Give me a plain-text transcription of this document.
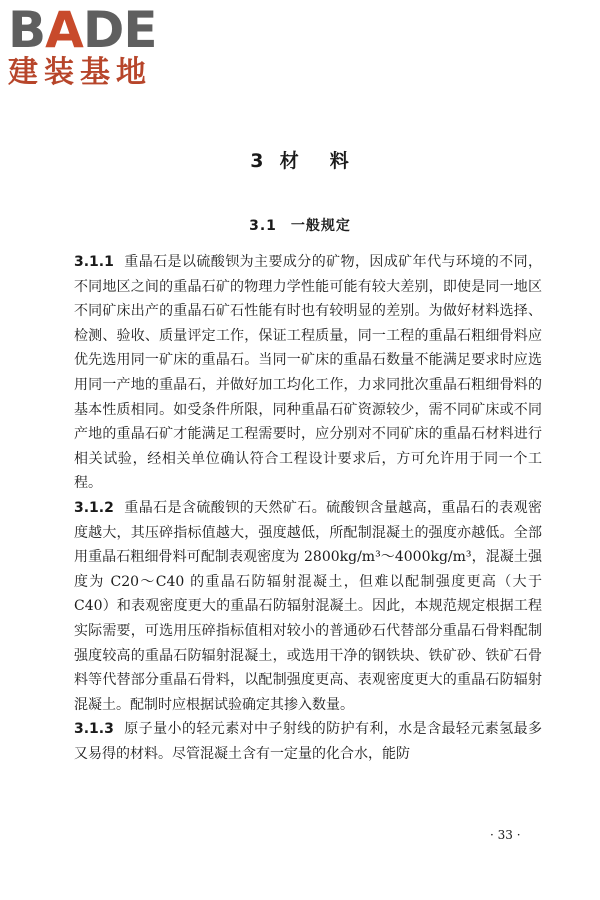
BADE
建装基地
3 材 料
3.1 一般规定

3.1.1 重晶石是以硫酸钡为主要成分的矿物，因成矿年代与环境的不同，不同地区之间的重晶石矿的物理力学性能可能有较大差别，即使是同一地区不同矿床出产的重晶石矿石性能有时也有较明显的差别。为做好材料选择、检测、验收、质量评定工作，保证工程质量，同一工程的重晶石粗细骨料应优先选用同一矿床的重晶石。当同一矿床的重晶石数量不能满足要求时应选用同一产地的重晶石，并做好加工均化工作，力求同批次重晶石粗细骨料的基本性质相同。如受条件所限，同种重晶石矿资源较少，需不同矿床或不同产地的重晶石矿才能满足工程需要时，应分别对不同矿床的重晶石材料进行相关试验，经相关单位确认符合工程设计要求后，方可允许用于同一个工程。

3.1.2 重晶石是含硫酸钡的天然矿石。硫酸钡含量越高，重晶石的表观密度越大，其压碎指标值越大，强度越低，所配制混凝土的强度亦越低。全部用重晶石粗细骨料可配制表观密度为 2800kg/m³～4000kg/m³，混凝土强度为 C20～C40 的重晶石防辐射混凝土，但难以配制强度更高（大于 C40）和表观密度更大的重晶石防辐射混凝土。因此，本规范规定根据工程实际需要，可选用压碎指标值相对较小的普通砂石代替部分重晶石骨料配制强度较高的重晶石防辐射混凝土，或选用干净的钢铁块、铁矿砂、铁矿石骨料等代替部分重晶石骨料，以配制强度更高、表观密度更大的重晶石防辐射混凝土。配制时应根据试验确定其掺入数量。

3.1.3 原子量小的轻元素对中子射线的防护有利，水是含最轻元素氢最多又易得的材料。尽管混凝土含有一定量的化合水，能防

· 33 ·
